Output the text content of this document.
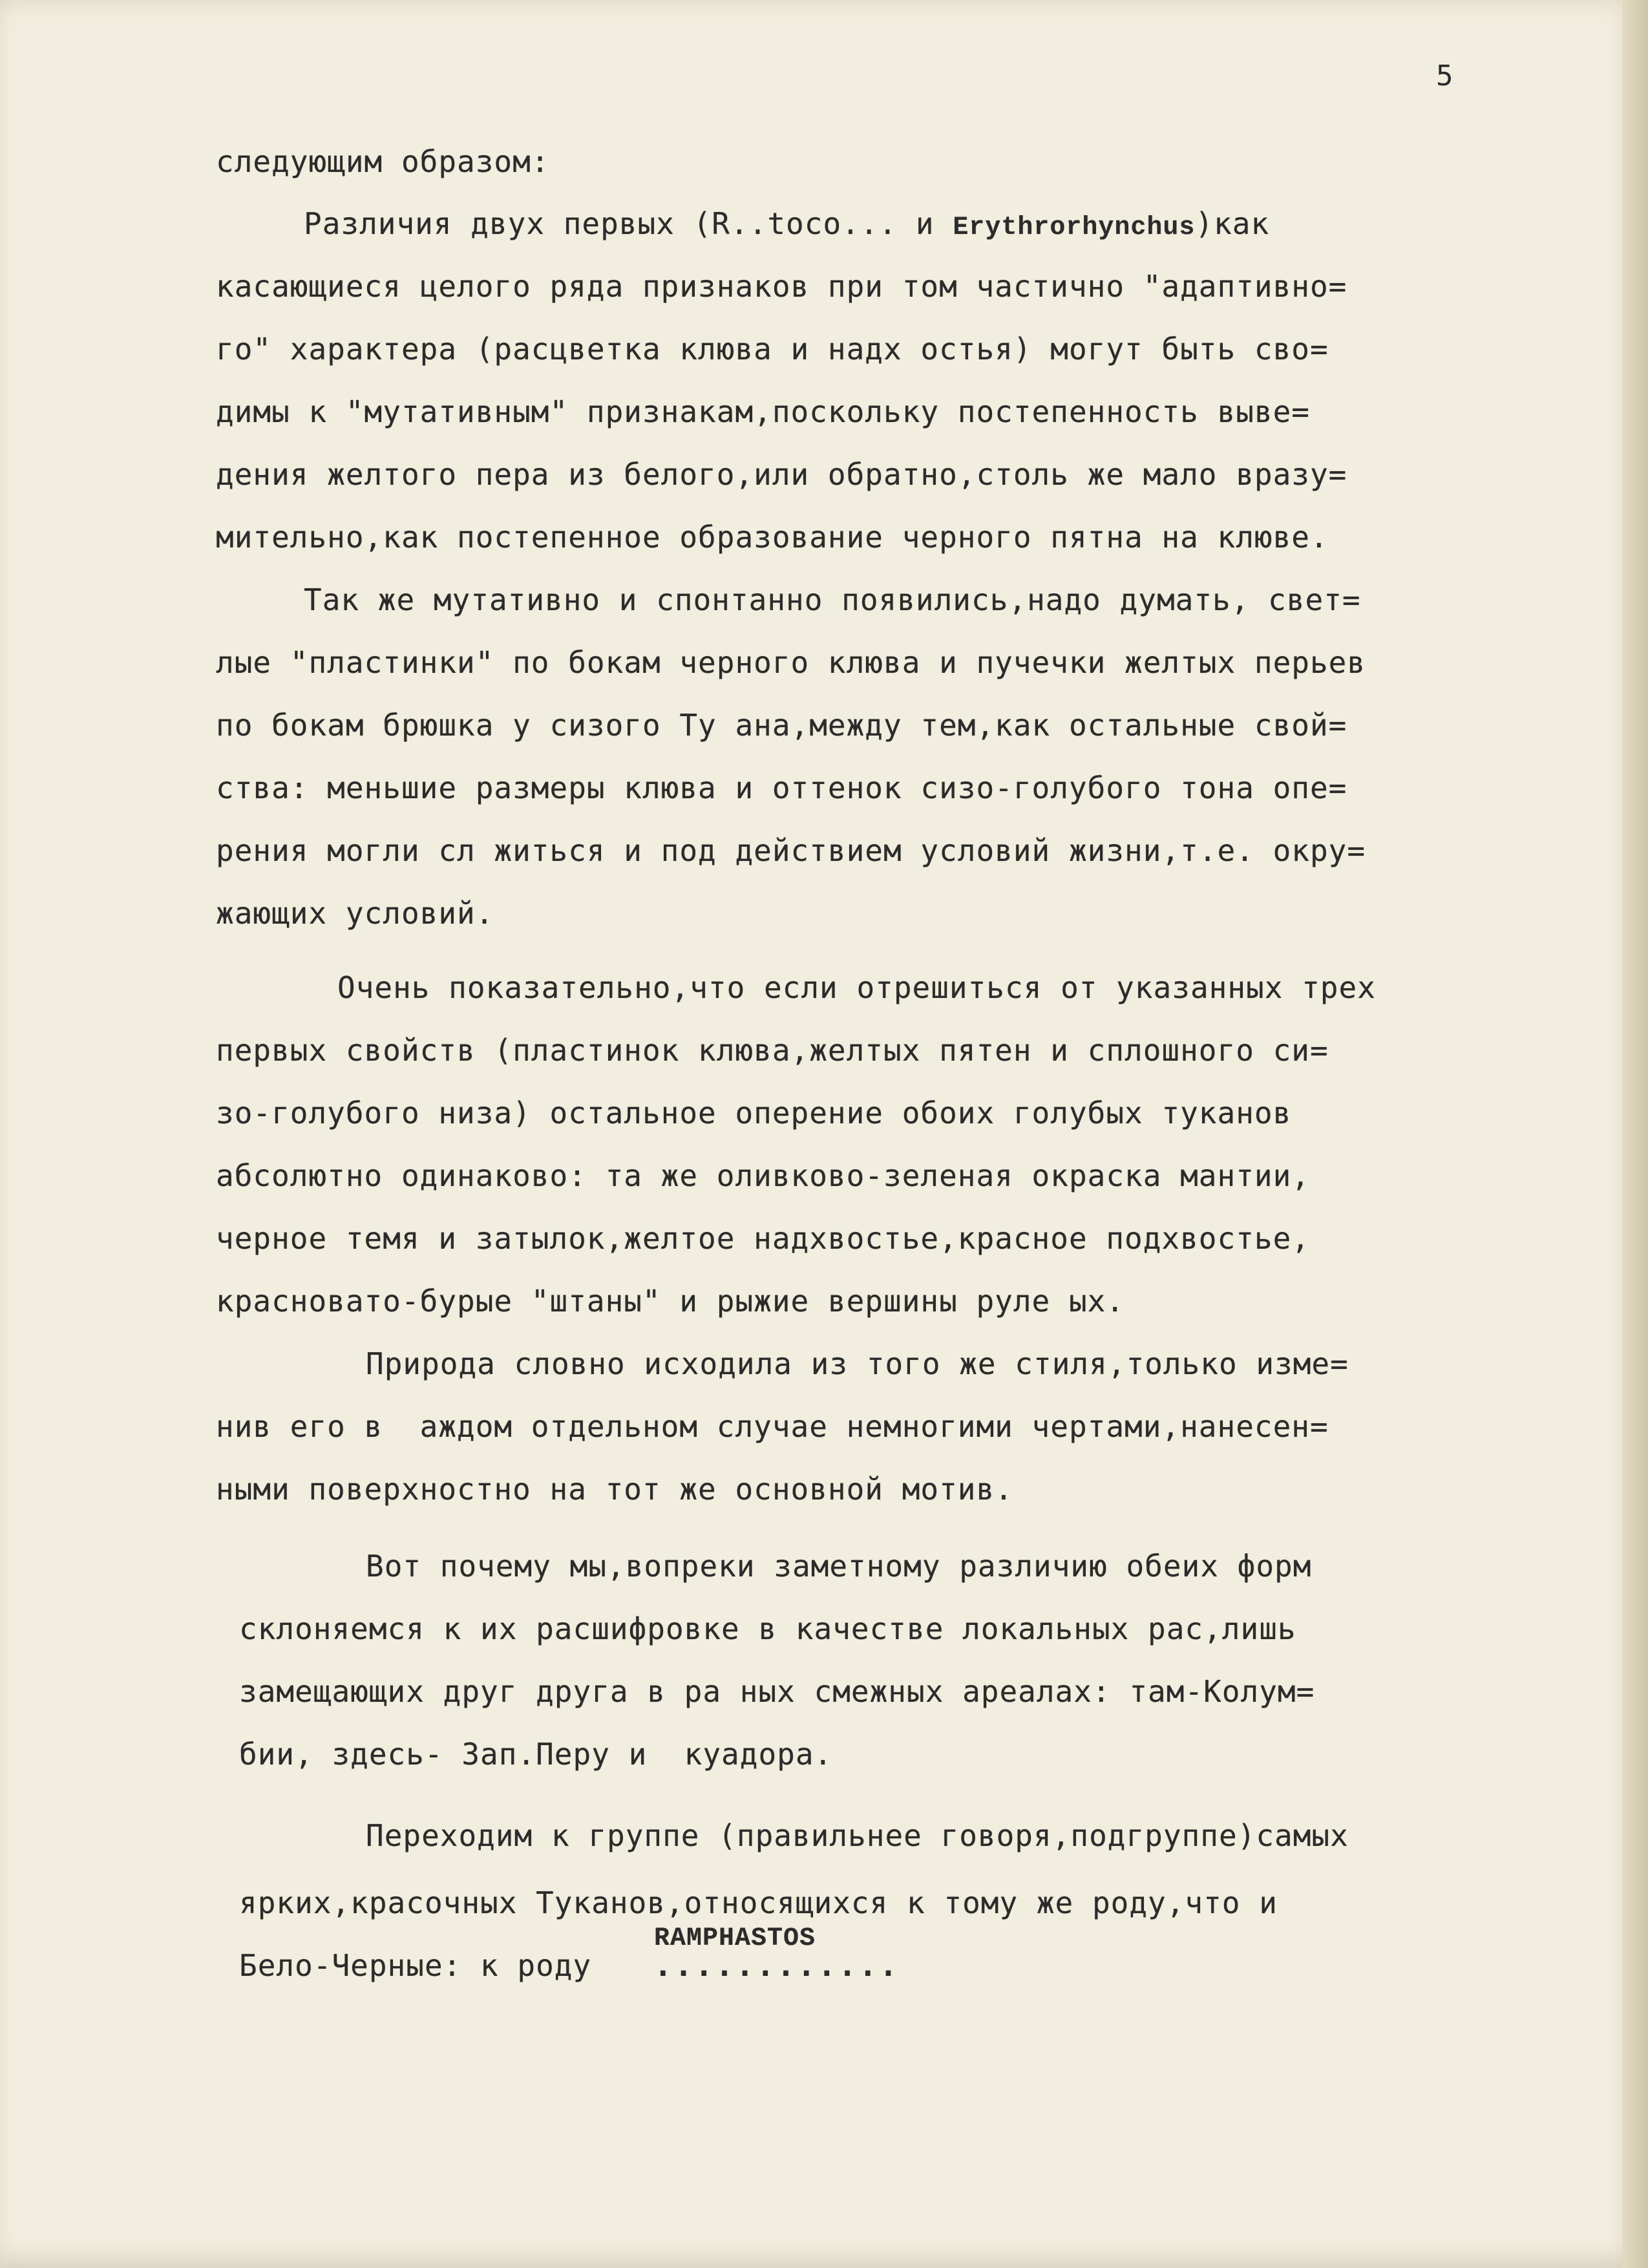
5
следующим образом:
Различия двух первых (R..toco... и Erythrorhynchus)как
касающиеся целого ряда признаков при том частично "адаптивно=
го" характера (расцветка клюва и надх остья) могут быть сво=
димы к "мутативным" признакам,поскольку постепенность выве=
дения желтого пера из белого,или обратно,столь же мало вразу=
мительно,как постепенное образование черного пятна на клюве.
Так же мутативно и спонтанно появились,надо думать, свет=
лые "пластинки" по бокам черного клюва и пучечки желтых перьев
по бокам брюшка у сизого Ту ана,между тем,как остальные свой=
ства: меньшие размеры клюва и оттенок сизо-голубого тона опе=
рения могли сл житься и под действием условий жизни,т.е. окру=
жающих условий.
Очень показательно,что если отрешиться от указанных трех
первых свойств (пластинок клюва,желтых пятен и сплошного си=
зо-голубого низа) остальное оперение обоих голубых туканов
абсолютно одинаково: та же оливково-зеленая окраска мантии,
черное темя и затылок,желтое надхвостье,красное подхвостье,
красновато-бурые "штаны" и рыжие вершины руле ых.
Природа словно исходила из того же стиля,только изме=
нив его в  аждом отдельном случае немногими чертами,нанесен=
ными поверхностно на тот же основной мотив.
Вот почему мы,вопреки заметному различию обеих форм
склоняемся к их расшифровке в качестве локальных рас,лишь
замещающих друг друга в ра ных смежных ареалах: там-Колум=
бии, здесь- Зап.Перу и  куадора.
Переходим к группе (правильнее говоря,подгруппе)самых
ярких,красочных Туканов,относящихся к тому же роду,что и
Бело-Черные: к роду
RAMPHASTOS
............
